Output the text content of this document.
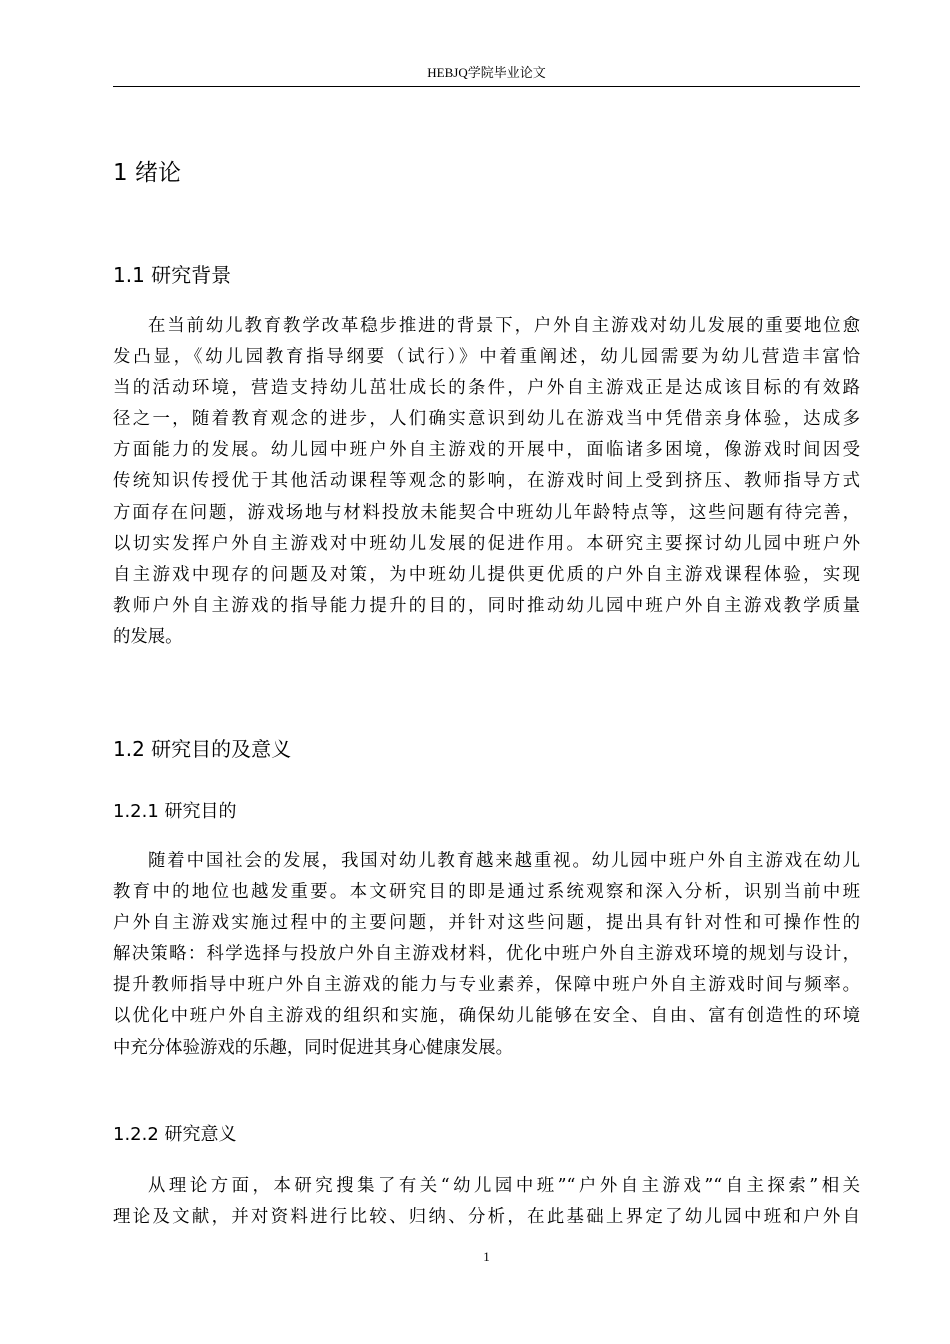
HEBJQ学院毕业论文
1 绪论
1.1 研究背景
在当前幼儿教育教学改革稳步推进的背景下，户外自主游戏对幼儿发展的重要地位愈
发凸显，《幼儿园教育指导纲要（试行）》中着重阐述，幼儿园需要为幼儿营造丰富恰
当的活动环境，营造支持幼儿茁壮成长的条件，户外自主游戏正是达成该目标的有效路
径之一，随着教育观念的进步，人们确实意识到幼儿在游戏当中凭借亲身体验，达成多
方面能力的发展。幼儿园中班户外自主游戏的开展中，面临诸多困境，像游戏时间因受
传统知识传授优于其他活动课程等观念的影响，在游戏时间上受到挤压、教师指导方式
方面存在问题，游戏场地与材料投放未能契合中班幼儿年龄特点等，这些问题有待完善，
以切实发挥户外自主游戏对中班幼儿发展的促进作用。本研究主要探讨幼儿园中班户外
自主游戏中现存的问题及对策，为中班幼儿提供更优质的户外自主游戏课程体验，实现
教师户外自主游戏的指导能力提升的目的，同时推动幼儿园中班户外自主游戏教学质量
的发展。
1.2 研究目的及意义
1.2.1 研究目的
随着中国社会的发展，我国对幼儿教育越来越重视。幼儿园中班户外自主游戏在幼儿
教育中的地位也越发重要。本文研究目的即是通过系统观察和深入分析，识别当前中班
户外自主游戏实施过程中的主要问题，并针对这些问题，提出具有针对性和可操作性的
解决策略：科学选择与投放户外自主游戏材料，优化中班户外自主游戏环境的规划与设计，
提升教师指导中班户外自主游戏的能力与专业素养，保障中班户外自主游戏时间与频率。
以优化中班户外自主游戏的组织和实施，确保幼儿能够在安全、自由、富有创造性的环境
中充分体验游戏的乐趣，同时促进其身心健康发展。
1.2.2 研究意义
从理论方面，本研究搜集了有关“幼儿园中班”“户外自主游戏”“自主探索”相关
理论及文献，并对资料进行比较、归纳、分析，在此基础上界定了幼儿园中班和户外自
1
